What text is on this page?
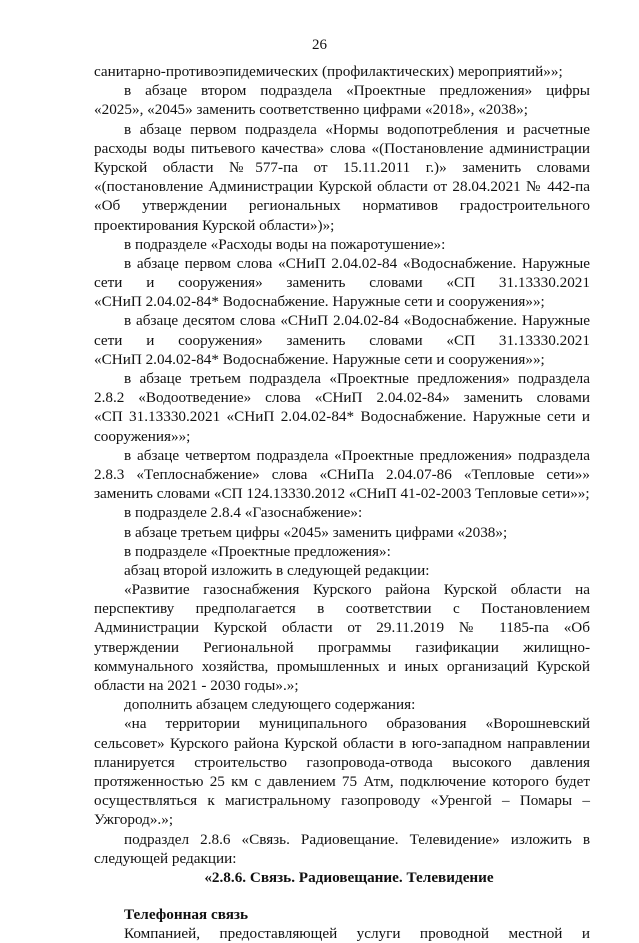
26
санитарно-противоэпидемических (профилактических) мероприятий»»;
в абзаце втором подраздела «Проектные предложения» цифры
«2025», «2045» заменить соответственно цифрами «2018», «2038»;
в абзаце первом подраздела «Нормы водопотребления и расчетные
расходы воды питьевого качества» слова «(Постановление администрации
Курской области №577-па от 15.11.2011 г.)» заменить словами
«(постановление Администрации Курской области от 28.04.2021 № 442-па
«Об утверждении региональных нормативов градостроительного
проектирования Курской области»)»;
в подразделе «Расходы воды на пожаротушение»:
в абзаце первом слова «СНиП 2.04.02-84 «Водоснабжение. Наружные
сети и сооружения» заменить словами «СП 31.13330.2021
«СНиП 2.04.02-84* Водоснабжение. Наружные сети и сооружения»»;
в абзаце десятом слова «СНиП 2.04.02-84 «Водоснабжение. Наружные
сети и сооружения» заменить словами «СП 31.13330.2021
«СНиП 2.04.02-84* Водоснабжение. Наружные сети и сооружения»»;
в абзаце третьем подраздела «Проектные предложения» подраздела
2.8.2 «Водоотведение» слова «СНиП 2.04.02-84» заменить словами
«СП 31.13330.2021 «СНиП 2.04.02-84* Водоснабжение. Наружные сети и
сооружения»»;
в абзаце четвертом подраздела «Проектные предложения» подраздела
2.8.3 «Теплоснабжение» слова «СНиПа 2.04.07-86 «Тепловые сети»»
заменить словами «СП 124.13330.2012 «СНиП 41-02-2003 Тепловые сети»»;
в подразделе 2.8.4 «Газоснабжение»:
в абзаце третьем цифры «2045» заменить цифрами «2038»;
в подразделе «Проектные предложения»:
абзац второй изложить в следующей редакции:
«Развитие газоснабжения Курского района Курской области на
перспективу предполагается в соответствии с Постановлением
Администрации Курской области от 29.11.2019 № 1185-па «Об
утверждении Региональной программы газификации жилищно-
коммунального хозяйства, промышленных и иных организаций Курской
области на 2021 - 2030 годы».»;
дополнить абзацем следующего содержания:
«на территории муниципального образования «Ворошневский
сельсовет» Курского района Курской области в юго-западном направлении
планируется строительство газопровода-отвода высокого давления
протяженностью 25 км с давлением 75 Атм, подключение которого будет
осуществляться к магистральному газопроводу «Уренгой – Помары –
Ужгород».»;
подраздел 2.8.6 «Связь. Радиовещание. Телевидение» изложить в
следующей редакции:
«2.8.6. Связь. Радиовещание. Телевидение
Телефонная связь
Компанией, предоставляющей услуги проводной местной и
